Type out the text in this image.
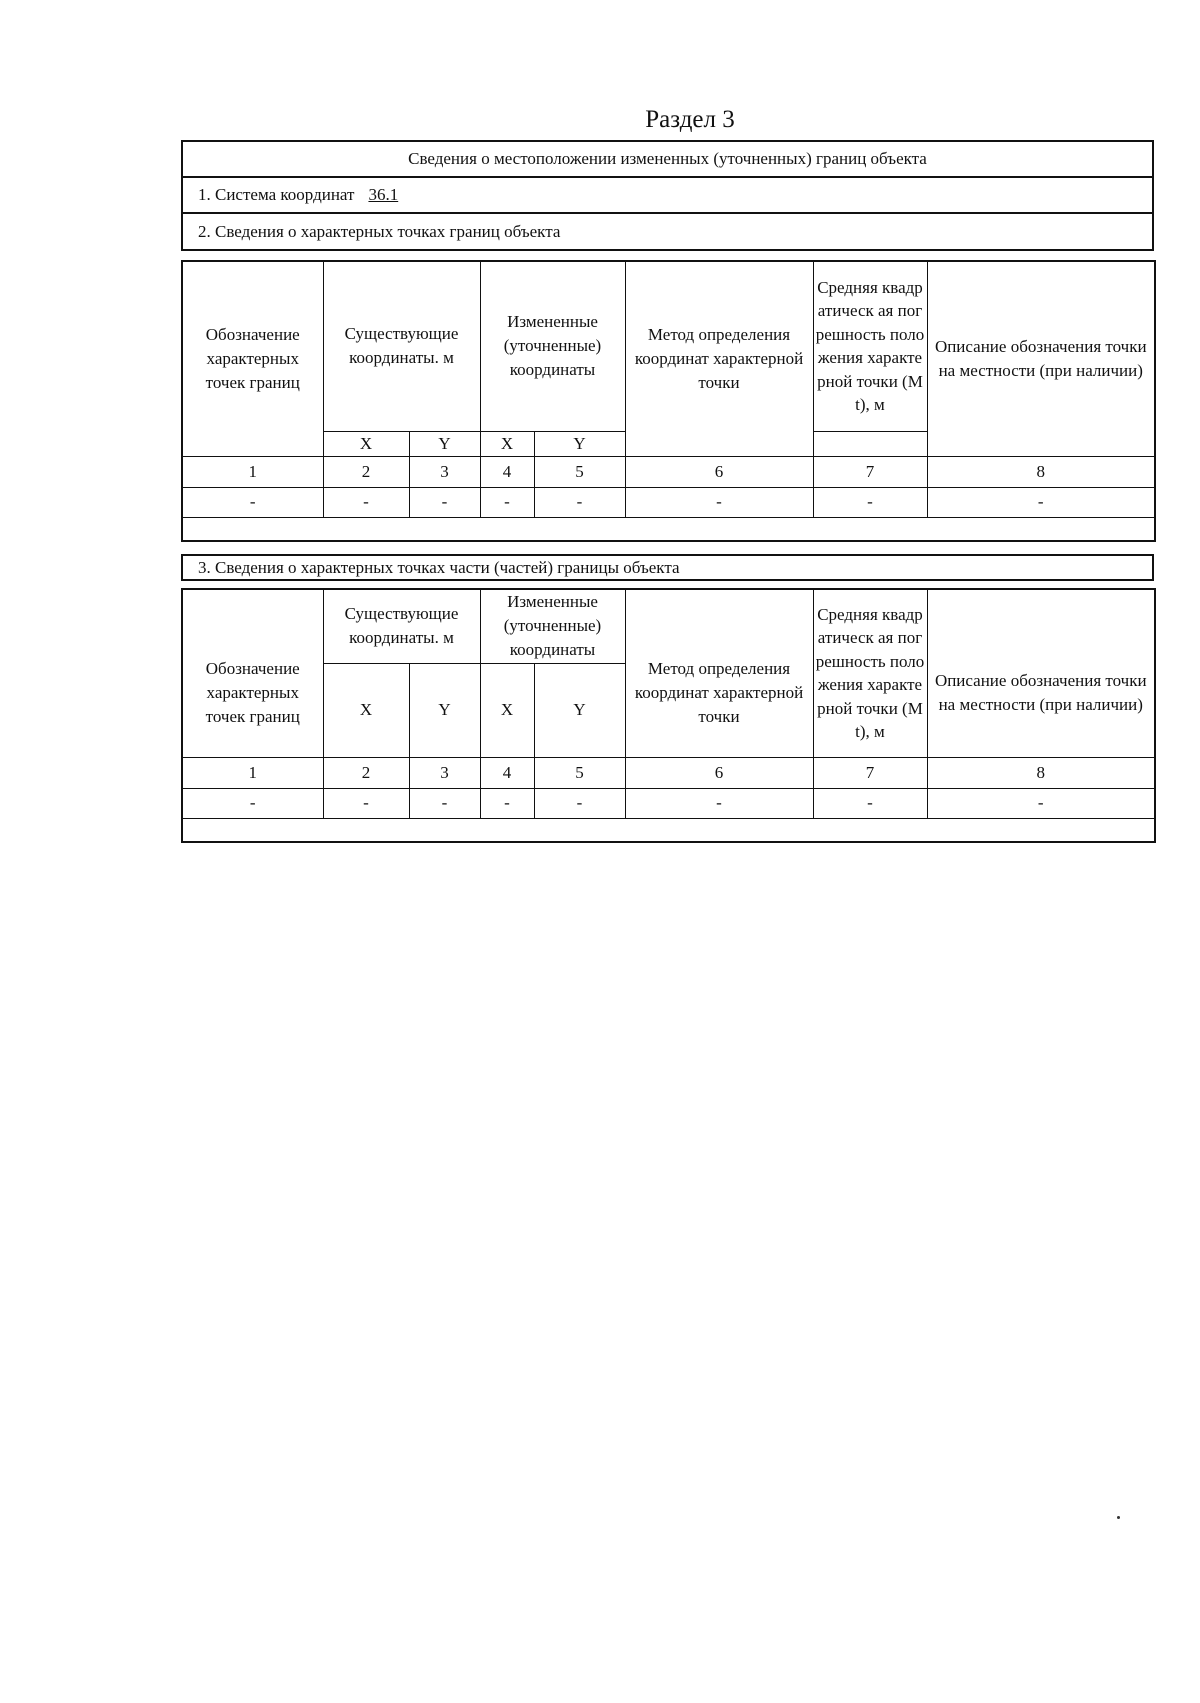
Раздел 3
Сведения о местоположении измененных (уточненных) границ объекта
1. Система координат 36.1
2. Сведения о характерных точках границ объекта
Обозначение характерных точек границ	Существующие координаты. м		Измененные (уточненные) координаты		Метод определения координат характерной точки	Средняя квадратическ ая погрешность положения характерной точки (Mt), м	Описание обозначения точки на местности (при наличии)
	X	Y	X	Y			
1	2	3	4	5	6	7	8
-	-	-	-	-	-	-	-

3. Сведения о характерных точках части (частей) границы объекта
Обозначение характерных точек границ	Существующие координаты. м		Измененные (уточненные) координаты		Метод определения координат характерной точки	Средняя квадратическ ая погрешность положения характерной точки (Mt), м	Описание обозначения точки на местности (при наличии)
	X	Y	X	Y			
1	2	3	4	5	6	7	8
-	-	-	-	-	-	-	-
